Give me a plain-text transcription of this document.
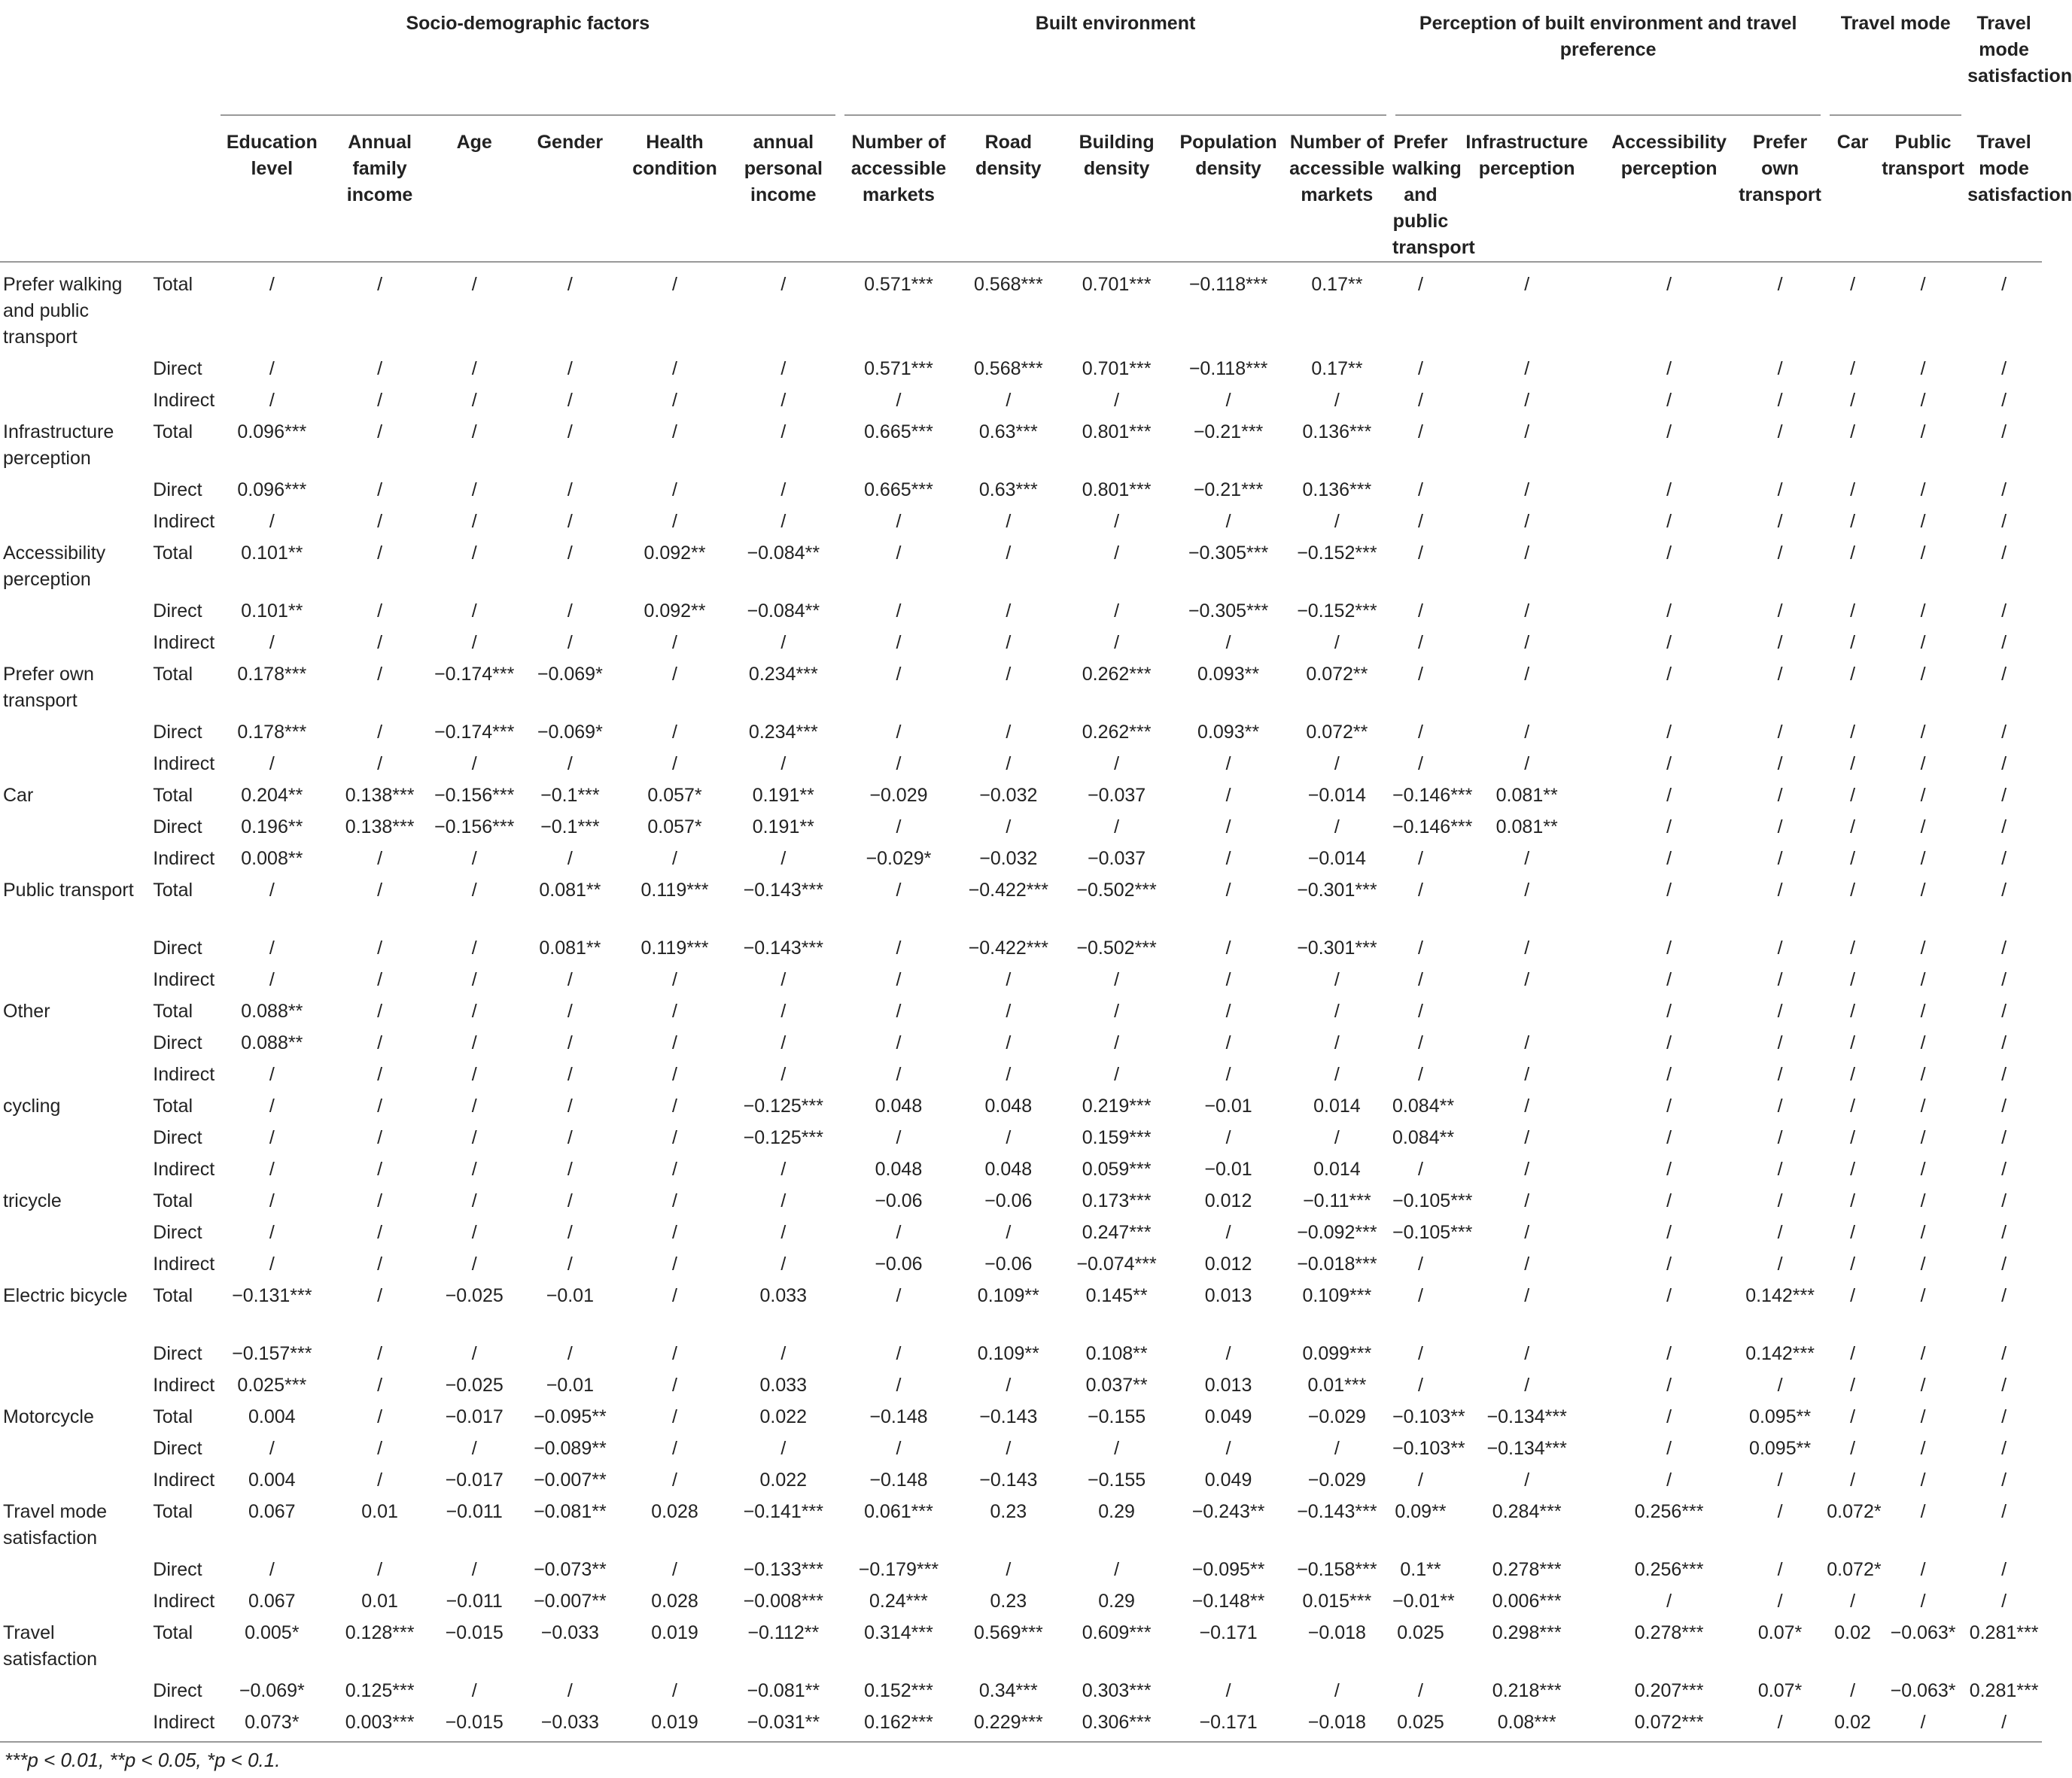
		Socio-demographic factors						Built environment					Perception of built environment and travel preference				Travel mode		Travel mode satisfaction
		Education level	Annual family income	Age	Gender	Health condition	annual personal income	Number of accessible markets	Road density	Building density	Population density	Number of accessible markets	Prefer walking and public transport	Infrastructure perception	Accessibility perception	Prefer own transport	Car	Public transport	Travel mode satisfaction
Prefer walking and public transport	Total	/	/	/	/	/	/	0.571***	0.568***	0.701***	−0.118***	0.17**	/	/	/	/	/	/	/
	Direct	/	/	/	/	/	/	0.571***	0.568***	0.701***	−0.118***	0.17**	/	/	/	/	/	/	/
	Indirect	/	/	/	/	/	/	/	/	/	/	/	/	/	/	/	/	/	/
Infrastructure perception	Total	0.096***	/	/	/	/	/	0.665***	0.63***	0.801***	−0.21***	0.136***	/	/	/	/	/	/	/
	Direct	0.096***	/	/	/	/	/	0.665***	0.63***	0.801***	−0.21***	0.136***	/	/	/	/	/	/	/
	Indirect	/	/	/	/	/	/	/	/	/	/	/	/	/	/	/	/	/	/
Accessibility perception	Total	0.101**	/	/	/	0.092**	−0.084**	/	/	/	−0.305***	−0.152***	/	/	/	/	/	/	/
	Direct	0.101**	/	/	/	0.092**	−0.084**	/	/	/	−0.305***	−0.152***	/	/	/	/	/	/	/
	Indirect	/	/	/	/	/	/	/	/	/	/	/	/	/	/	/	/	/	/
Prefer own transport	Total	0.178***	/	−0.174***	−0.069*	/	0.234***	/	/	0.262***	0.093**	0.072**	/	/	/	/	/	/	/
	Direct	0.178***	/	−0.174***	−0.069*	/	0.234***	/	/	0.262***	0.093**	0.072**	/	/	/	/	/	/	/
	Indirect	/	/	/	/	/	/	/	/	/	/	/	/	/	/	/	/	/	/
Car	Total	0.204**	0.138***	−0.156***	−0.1***	0.057*	0.191**	−0.029	−0.032	−0.037	/	−0.014	−0.146***	0.081**	/	/	/	/	/
	Direct	0.196**	0.138***	−0.156***	−0.1***	0.057*	0.191**	/	/	/	/	/	−0.146***	0.081**	/	/	/	/	/
	Indirect	0.008**	/	/	/	/	/	−0.029*	−0.032	−0.037	/	−0.014	/	/	/	/	/	/	/
Public transport	Total	/	/	/	0.081**	0.119***	−0.143***	/	−0.422***	−0.502***	/	−0.301***	/	/	/	/	/	/	/
	Direct	/	/	/	0.081**	0.119***	−0.143***	/	−0.422***	−0.502***	/	−0.301***	/	/	/	/	/	/	/
	Indirect	/	/	/	/	/	/	/	/	/	/	/	/	/	/	/	/	/	/
Other	Total	0.088**	/	/	/	/	/	/	/	/	/	/	/		/	/	/	/	/
	Direct	0.088**	/	/	/	/	/	/	/	/	/	/	/	/	/	/	/	/	/
	Indirect	/	/	/	/	/	/	/	/	/	/	/	/	/	/	/	/	/	/
cycling	Total	/	/	/	/	/	−0.125***	0.048	0.048	0.219***	−0.01	0.014	0.084**	/	/	/	/	/	/
	Direct	/	/	/	/	/	−0.125***	/	/	0.159***	/	/	0.084**	/	/	/	/	/	/
	Indirect	/	/	/	/	/	/	0.048	0.048	0.059***	−0.01	0.014	/	/	/	/	/	/	/
tricycle	Total	/	/	/	/	/	/	−0.06	−0.06	0.173***	0.012	−0.11***	−0.105***	/	/	/	/	/	/
	Direct	/	/	/	/	/	/	/	/	0.247***	/	−0.092***	−0.105***	/	/	/	/	/	/
	Indirect	/	/	/	/	/	/	−0.06	−0.06	−0.074***	0.012	−0.018***	/	/	/	/	/	/	/
Electric bicycle	Total	−0.131***	/	−0.025	−0.01	/	0.033	/	0.109**	0.145**	0.013	0.109***	/	/	/	0.142***	/	/	/
	Direct	−0.157***	/	/	/	/	/	/	0.109**	0.108**	/	0.099***	/	/	/	0.142***	/	/	/
	Indirect	0.025***	/	−0.025	−0.01	/	0.033	/	/	0.037**	0.013	0.01***	/	/	/	/	/	/	/
Motorcycle	Total	0.004	/	−0.017	−0.095**	/	0.022	−0.148	−0.143	−0.155	0.049	−0.029	−0.103**	−0.134***	/	0.095**	/	/	/
	Direct	/	/	/	−0.089**	/	/	/	/	/	/	/	−0.103**	−0.134***	/	0.095**	/	/	/
	Indirect	0.004	/	−0.017	−0.007**	/	0.022	−0.148	−0.143	−0.155	0.049	−0.029	/	/	/	/	/	/	/
Travel mode satisfaction	Total	0.067	0.01	−0.011	−0.081**	0.028	−0.141***	0.061***	0.23	0.29	−0.243**	−0.143***	0.09**	0.284***	0.256***	/	0.072*	/	/
	Direct	/	/	/	−0.073**	/	−0.133***	−0.179***	/	/	−0.095**	−0.158***	0.1**	0.278***	0.256***	/	0.072*	/	/
	Indirect	0.067	0.01	−0.011	−0.007**	0.028	−0.008***	0.24***	0.23	0.29	−0.148**	0.015***	−0.01**	0.006***	/	/	/	/	/
Travel satisfaction	Total	0.005*	0.128***	−0.015	−0.033	0.019	−0.112**	0.314***	0.569***	0.609***	−0.171	−0.018	0.025	0.298***	0.278***	0.07*	0.02	−0.063*	0.281***
	Direct	−0.069*	0.125***	/	/	/	−0.081**	0.152***	0.34***	0.303***	/	/	/	0.218***	0.207***	0.07*	/	−0.063*	0.281***
	Indirect	0.073*	0.003***	−0.015	−0.033	0.019	−0.031**	0.162***	0.229***	0.306***	−0.171	−0.018	0.025	0.08***	0.072***	/	0.02	/	/
***p < 0.01, **p < 0.05, *p < 0.1.
